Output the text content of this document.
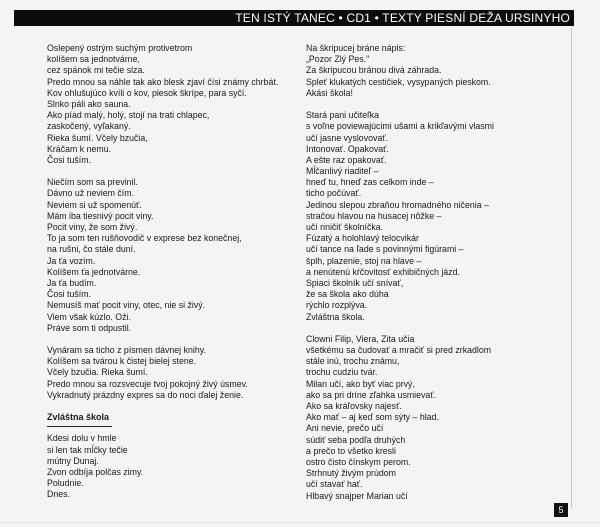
TEN ISTÝ TANEC • CD1 • TEXTY PIESNÍ DEŽA URSINYHO
Oslepený ostrým suchým protivetrom
kolíšem sa jednotvárne,
cez spánok mi tečie slza.
Predo mnou sa náhle tak ako blesk zjaví čísi známy chrbát.
Kov ohlušujúco kvíli o kov, piesok škrípe, para syčí.
Slnko páli ako sauna.
Ako píad malý, holý, stojí na trati chlapec,
zaskočený, vyľakaný.
Rieka šumí. Včely bzučia,
Kráčam k nemu.
Čosi tuším.
Niečím som sa previnil.
Dávno už neviem čím.
Neviem si už spomenúť.
Mám iba tiesnivý pocit viny.
Pocit viny, že som živý.
To ja som ten rušňovodič v exprese bez konečnej,
na rušni, čo stále duní.
Ja ťa vozím.
Kolíšem ťa jednotvárne.
Ja ťa budím.
Čosi tuším.
Nemusíš mať pocit viny, otec, nie si živý.
Viem však kúzlo. Oži.
Práve som ti odpustil.
Vynáram sa ticho z písmen dávnej knihy.
Kolíšem sa tvárou k čistej bielej stene.
Včely bzučia. Rieka šumí.
Predo mnou sa rozsvecuje tvoj pokojný živý úsmev.
Vykradnutý prázdny expres sa do noci ďalej ženie.
Zvláštna škola
Kdesi dolu v hmle
si len tak mĺčky tečie
mútny Dunaj.
Zvon odbíja polčas zimy.
Poludnie.
Dnes.
Na škripucej bráne nápis:
„Pozor Zlý Pes."
Za škripucou bránou divá záhrada.
Spleť klukatých cestičiek, vysypaných pieskom.
Akási škola!
Stará pani učiteľka
s voľne poviewajúcimi ušami a krikľavými vlasmi
učí jasne vyslovovať.
Intonovať. Opakovať.
A ešte raz opakovať.
Mĺčanlivý riaditeľ –
hneď tu, hneď zas celkom inde –
ticho počúvať.
Jedinou slepou zbraňou hromadného ničenia –
stračou hlavou na husacej nôžke –
učí riničiť školníčka.
Fúzatý a holohlavý telocvikár
učí tance na ľade s povinnými figúrami –
šplh, plazenie, stoj na hlave –
a nenútenú kŕčovitosť exhibičných jázd.
Spiaci školník učí snívať,
že sa škola ako dúha
rýchlo rozplýva.
Zvláštna škola.
Clowni Filip, Viera, Zita učia
všetkému sa čudovať a mračiť si pred zrkadlom
stále inú, trochu známu,
trochu cudziu tvár.
Milan učí, ako byť viac prvý,
ako sa pri dríne zľahka usmievať.
Ako sa kráľovsky najesť.
Ako mať – aj keď som sýty – hlad.
Ani nevie, prečo učí
súdiť seba podľa druhých
a prečo to všetko kresli
ostro čisto čínskym perom.
Strhnutý živým prúdom
učí stavať hať.
Hlbavý snajper Marian učí
5
